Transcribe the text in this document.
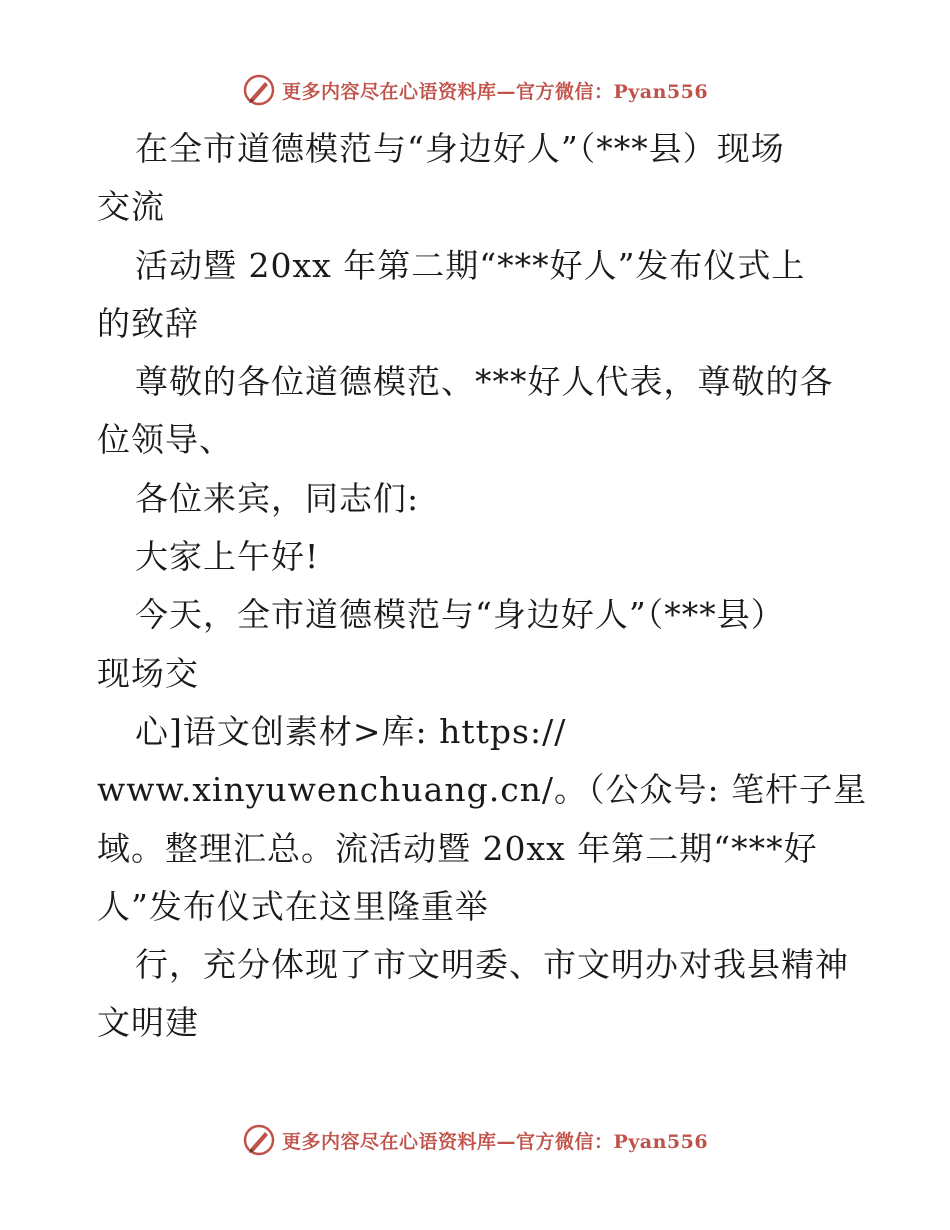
更多内容尽在心语资料库—官方微信：Pyan556
在全市道德模范与“身边好人”（***县）现场
交流
活动暨 20xx 年第二期“***好人”发布仪式上
的致辞
尊敬的各位道德模范、***好人代表，尊敬的各
位领导、
各位来宾，同志们:
大家上午好!
今天，全市道德模范与“身边好人”（***县）
现场交
心]语文创素材>库: https://
www.xinyuwenchuang.cn/。（公众号: 笔杆子星
域。整理汇总。流活动暨 20xx 年第二期“***好
人”发布仪式在这里隆重举
行，充分体现了市文明委、市文明办对我县精神
文明建
更多内容尽在心语资料库—官方微信：Pyan556
